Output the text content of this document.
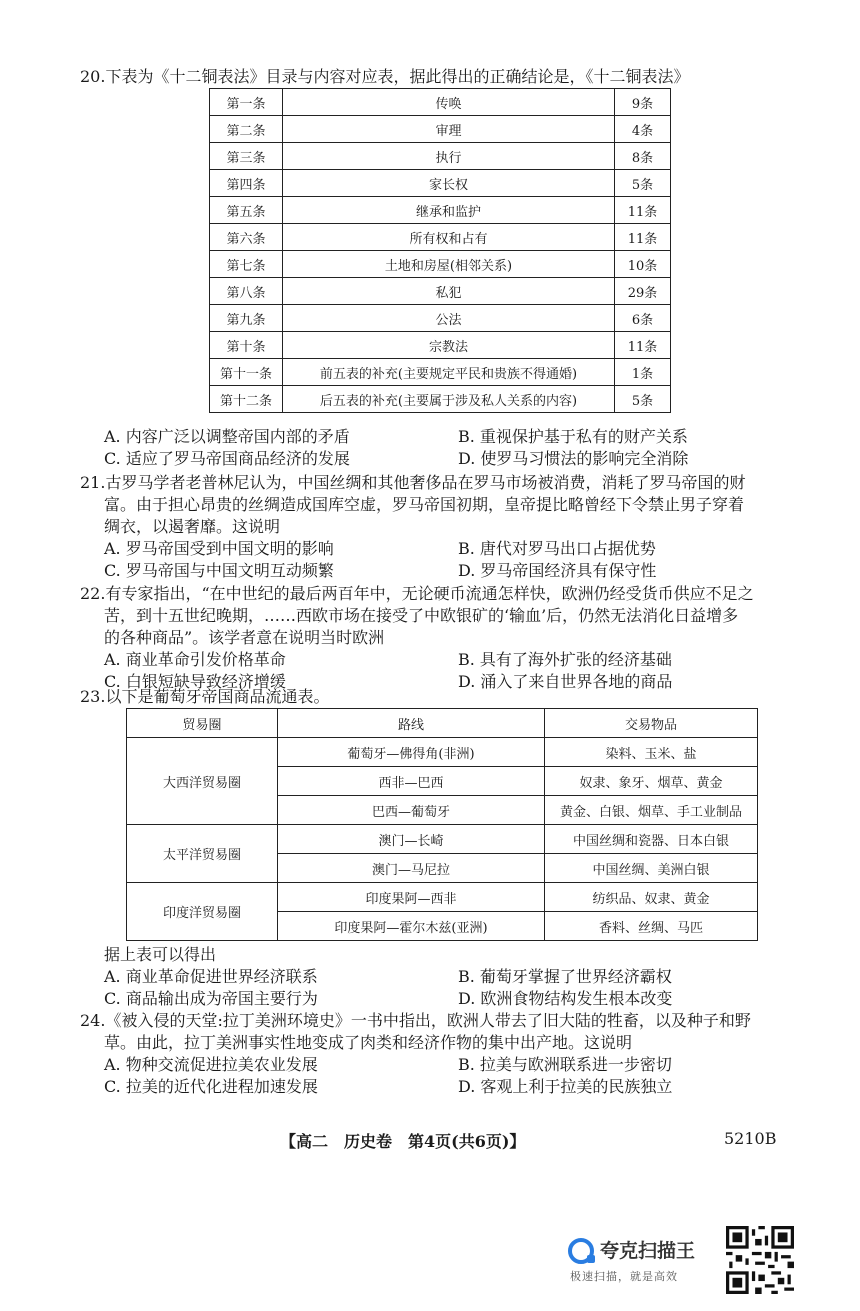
20.下表为《十二铜表法》目录与内容对应表，据此得出的正确结论是，《十二铜表法》
第一条	传唤	9条
第二条	审理	4条
第三条	执行	8条
第四条	家长权	5条
第五条	继承和监护	11条
第六条	所有权和占有	11条
第七条	土地和房屋(相邻关系)	10条
第八条	私犯	29条
第九条	公法	6条
第十条	宗教法	11条
第十一条	前五表的补充(主要规定平民和贵族不得通婚)	1条
第十二条	后五表的补充(主要属于涉及私人关系的内容)	5条
A. 内容广泛以调整帝国内部的矛盾	B. 重视保护基于私有的财产关系
C. 适应了罗马帝国商品经济的发展	D. 使罗马习惯法的影响完全消除
21.古罗马学者老普林尼认为，中国丝绸和其他奢侈品在罗马市场被消费，消耗了罗马帝国的财
富。由于担心昂贵的丝绸造成国库空虚，罗马帝国初期，皇帝提比略曾经下令禁止男子穿着
绸衣，以遏奢靡。这说明
A. 罗马帝国受到中国文明的影响	B. 唐代对罗马出口占据优势
C. 罗马帝国与中国文明互动频繁	D. 罗马帝国经济具有保守性
22.有专家指出，“在中世纪的最后两百年中，无论硬币流通怎样快，欧洲仍经受货币供应不足之
苦，到十五世纪晚期，……西欧市场在接受了中欧银矿的‘输血’后，仍然无法消化日益增多
的各种商品”。该学者意在说明当时欧洲
A. 商业革命引发价格革命	B. 具有了海外扩张的经济基础
C. 白银短缺导致经济增缓	D. 涌入了来自世界各地的商品
23.以下是葡萄牙帝国商品流通表。
贸易圈	路线	交易物品
大西洋贸易圈	葡萄牙—佛得角(非洲)	染料、玉米、盐
	西非—巴西	奴隶、象牙、烟草、黄金
	巴西—葡萄牙	黄金、白银、烟草、手工业制品
太平洋贸易圈	澳门—长崎	中国丝绸和瓷器、日本白银
	澳门—马尼拉	中国丝绸、美洲白银
印度洋贸易圈	印度果阿—西非	纺织品、奴隶、黄金
	印度果阿—霍尔木兹(亚洲)	香料、丝绸、马匹
据上表可以得出
A. 商业革命促进世界经济联系	B. 葡萄牙掌握了世界经济霸权
C. 商品输出成为帝国主要行为	D. 欧洲食物结构发生根本改变
24.《被入侵的天堂:拉丁美洲环境史》一书中指出，欧洲人带去了旧大陆的牲畜，以及种子和野
草。由此，拉丁美洲事实性地变成了肉类和经济作物的集中出产地。这说明
A. 物种交流促进拉美农业发展	B. 拉美与欧洲联系进一步密切
C. 拉美的近代化进程加速发展	D. 客观上利于拉美的民族独立
【高二　历史卷　第4页(共6页)】	5210B
夸克扫描王
极速扫描，就是高效
